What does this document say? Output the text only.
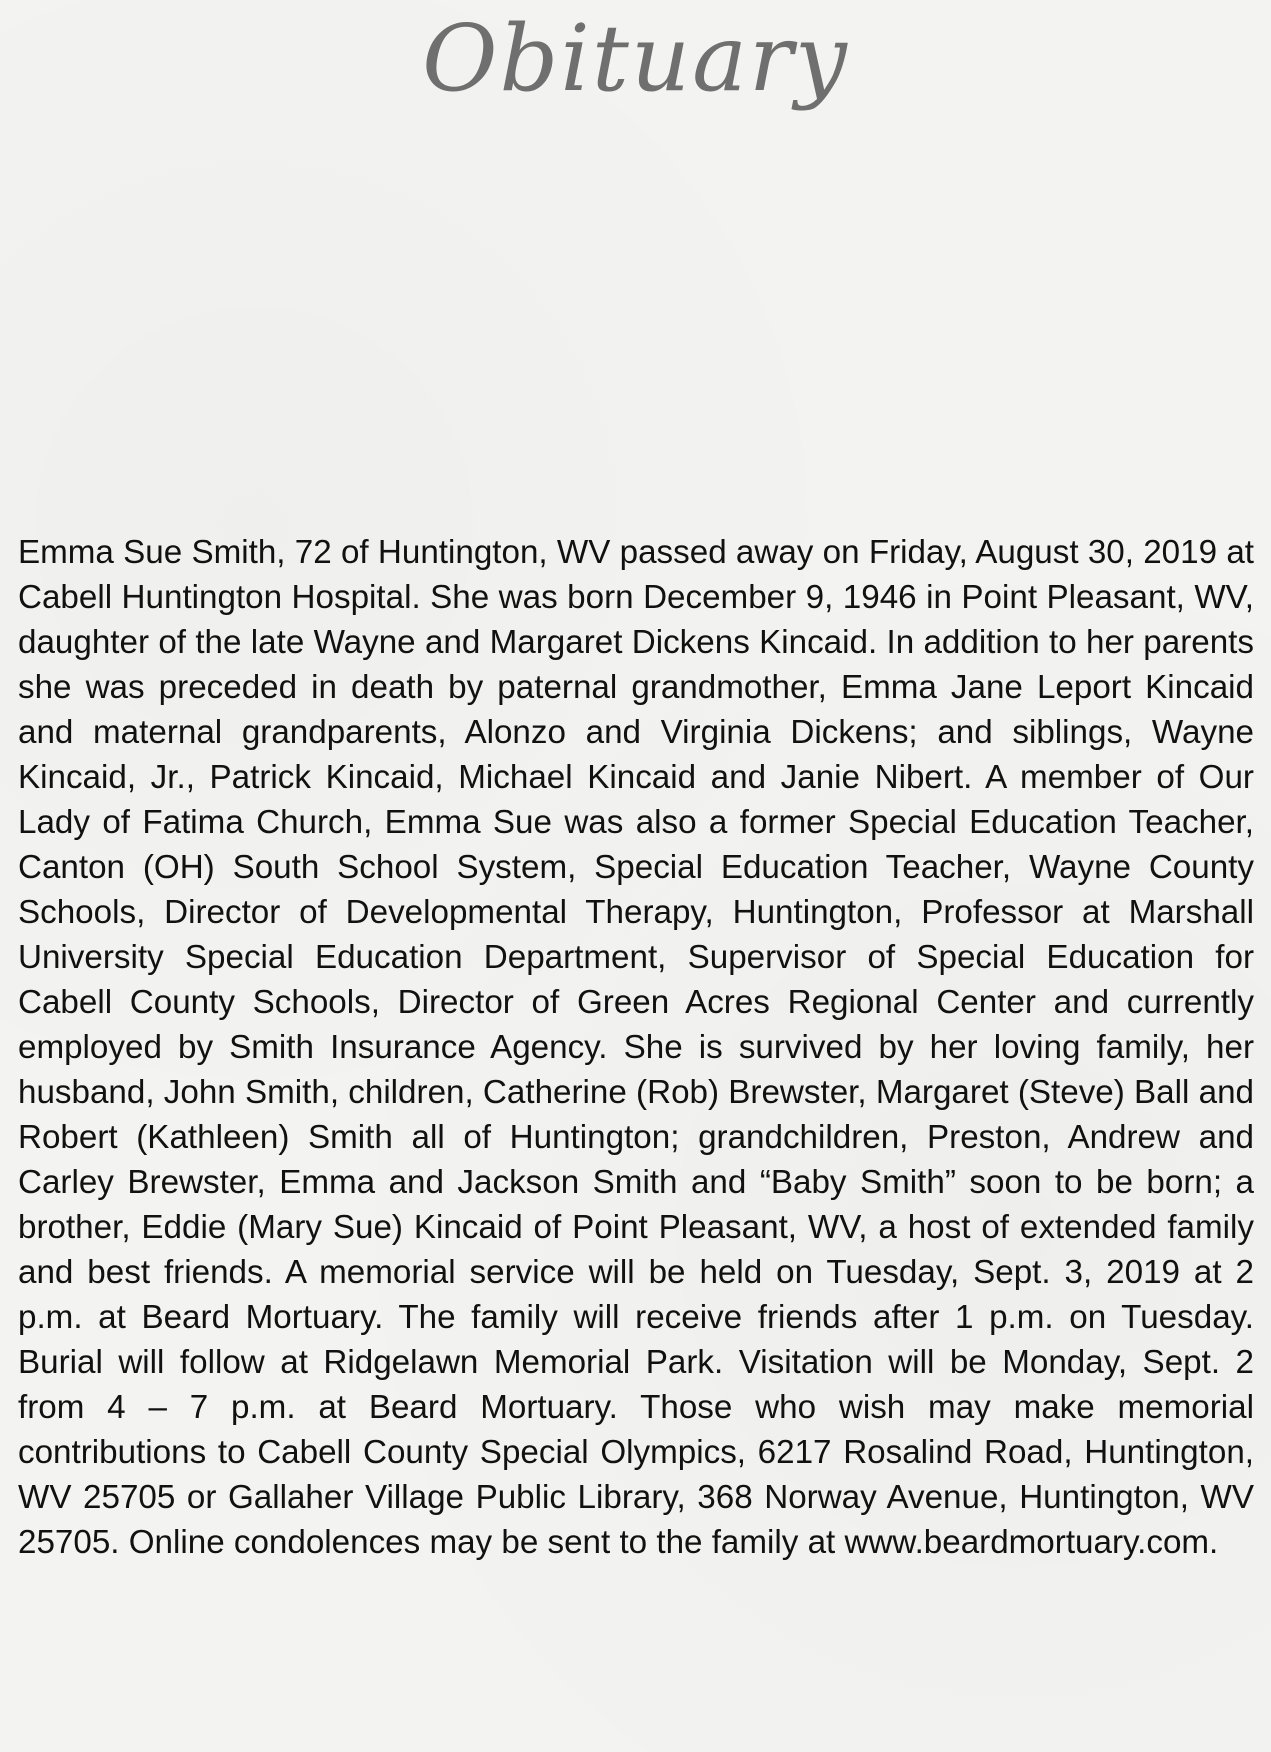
Obituary

Emma Sue Smith, 72 of Huntington, WV passed away on Friday, August 30, 2019 at Cabell Huntington Hospital. She was born December 9, 1946 in Point Pleasant, WV, daughter of the late Wayne and Margaret Dickens Kincaid. In addition to her parents she was preceded in death by paternal grandmother, Emma Jane Leport Kincaid and maternal grandparents, Alonzo and Virginia Dickens; and siblings, Wayne Kincaid, Jr., Patrick Kincaid, Michael Kincaid and Janie Nibert. A member of Our Lady of Fatima Church, Emma Sue was also a former Special Education Teacher, Canton (OH) South School System, Special Education Teacher, Wayne County Schools, Director of Developmental Therapy, Huntington, Professor at Marshall University Special Education Department, Supervisor of Special Education for Cabell County Schools, Director of Green Acres Regional Center and currently employed by Smith Insurance Agency. She is survived by her loving family, her husband, John Smith, children, Catherine (Rob) Brewster, Margaret (Steve) Ball and Robert (Kathleen) Smith all of Huntington; grandchildren, Preston, Andrew and Carley Brewster, Emma and Jackson Smith and “Baby Smith” soon to be born; a brother, Eddie (Mary Sue) Kincaid of Point Pleasant, WV, a host of extended family and best friends. A memorial service will be held on Tuesday, Sept. 3, 2019 at 2 p.m. at Beard Mortuary. The family will receive friends after 1 p.m. on Tuesday. Burial will follow at Ridgelawn Memorial Park. Visitation will be Monday, Sept. 2 from 4 – 7 p.m. at Beard Mortuary. Those who wish may make memorial contributions to Cabell County Special Olympics, 6217 Rosalind Road, Huntington, WV 25705 or Gallaher Village Public Library, 368 Norway Avenue, Huntington, WV 25705. Online condolences may be sent to the family at www.beardmortuary.com.
